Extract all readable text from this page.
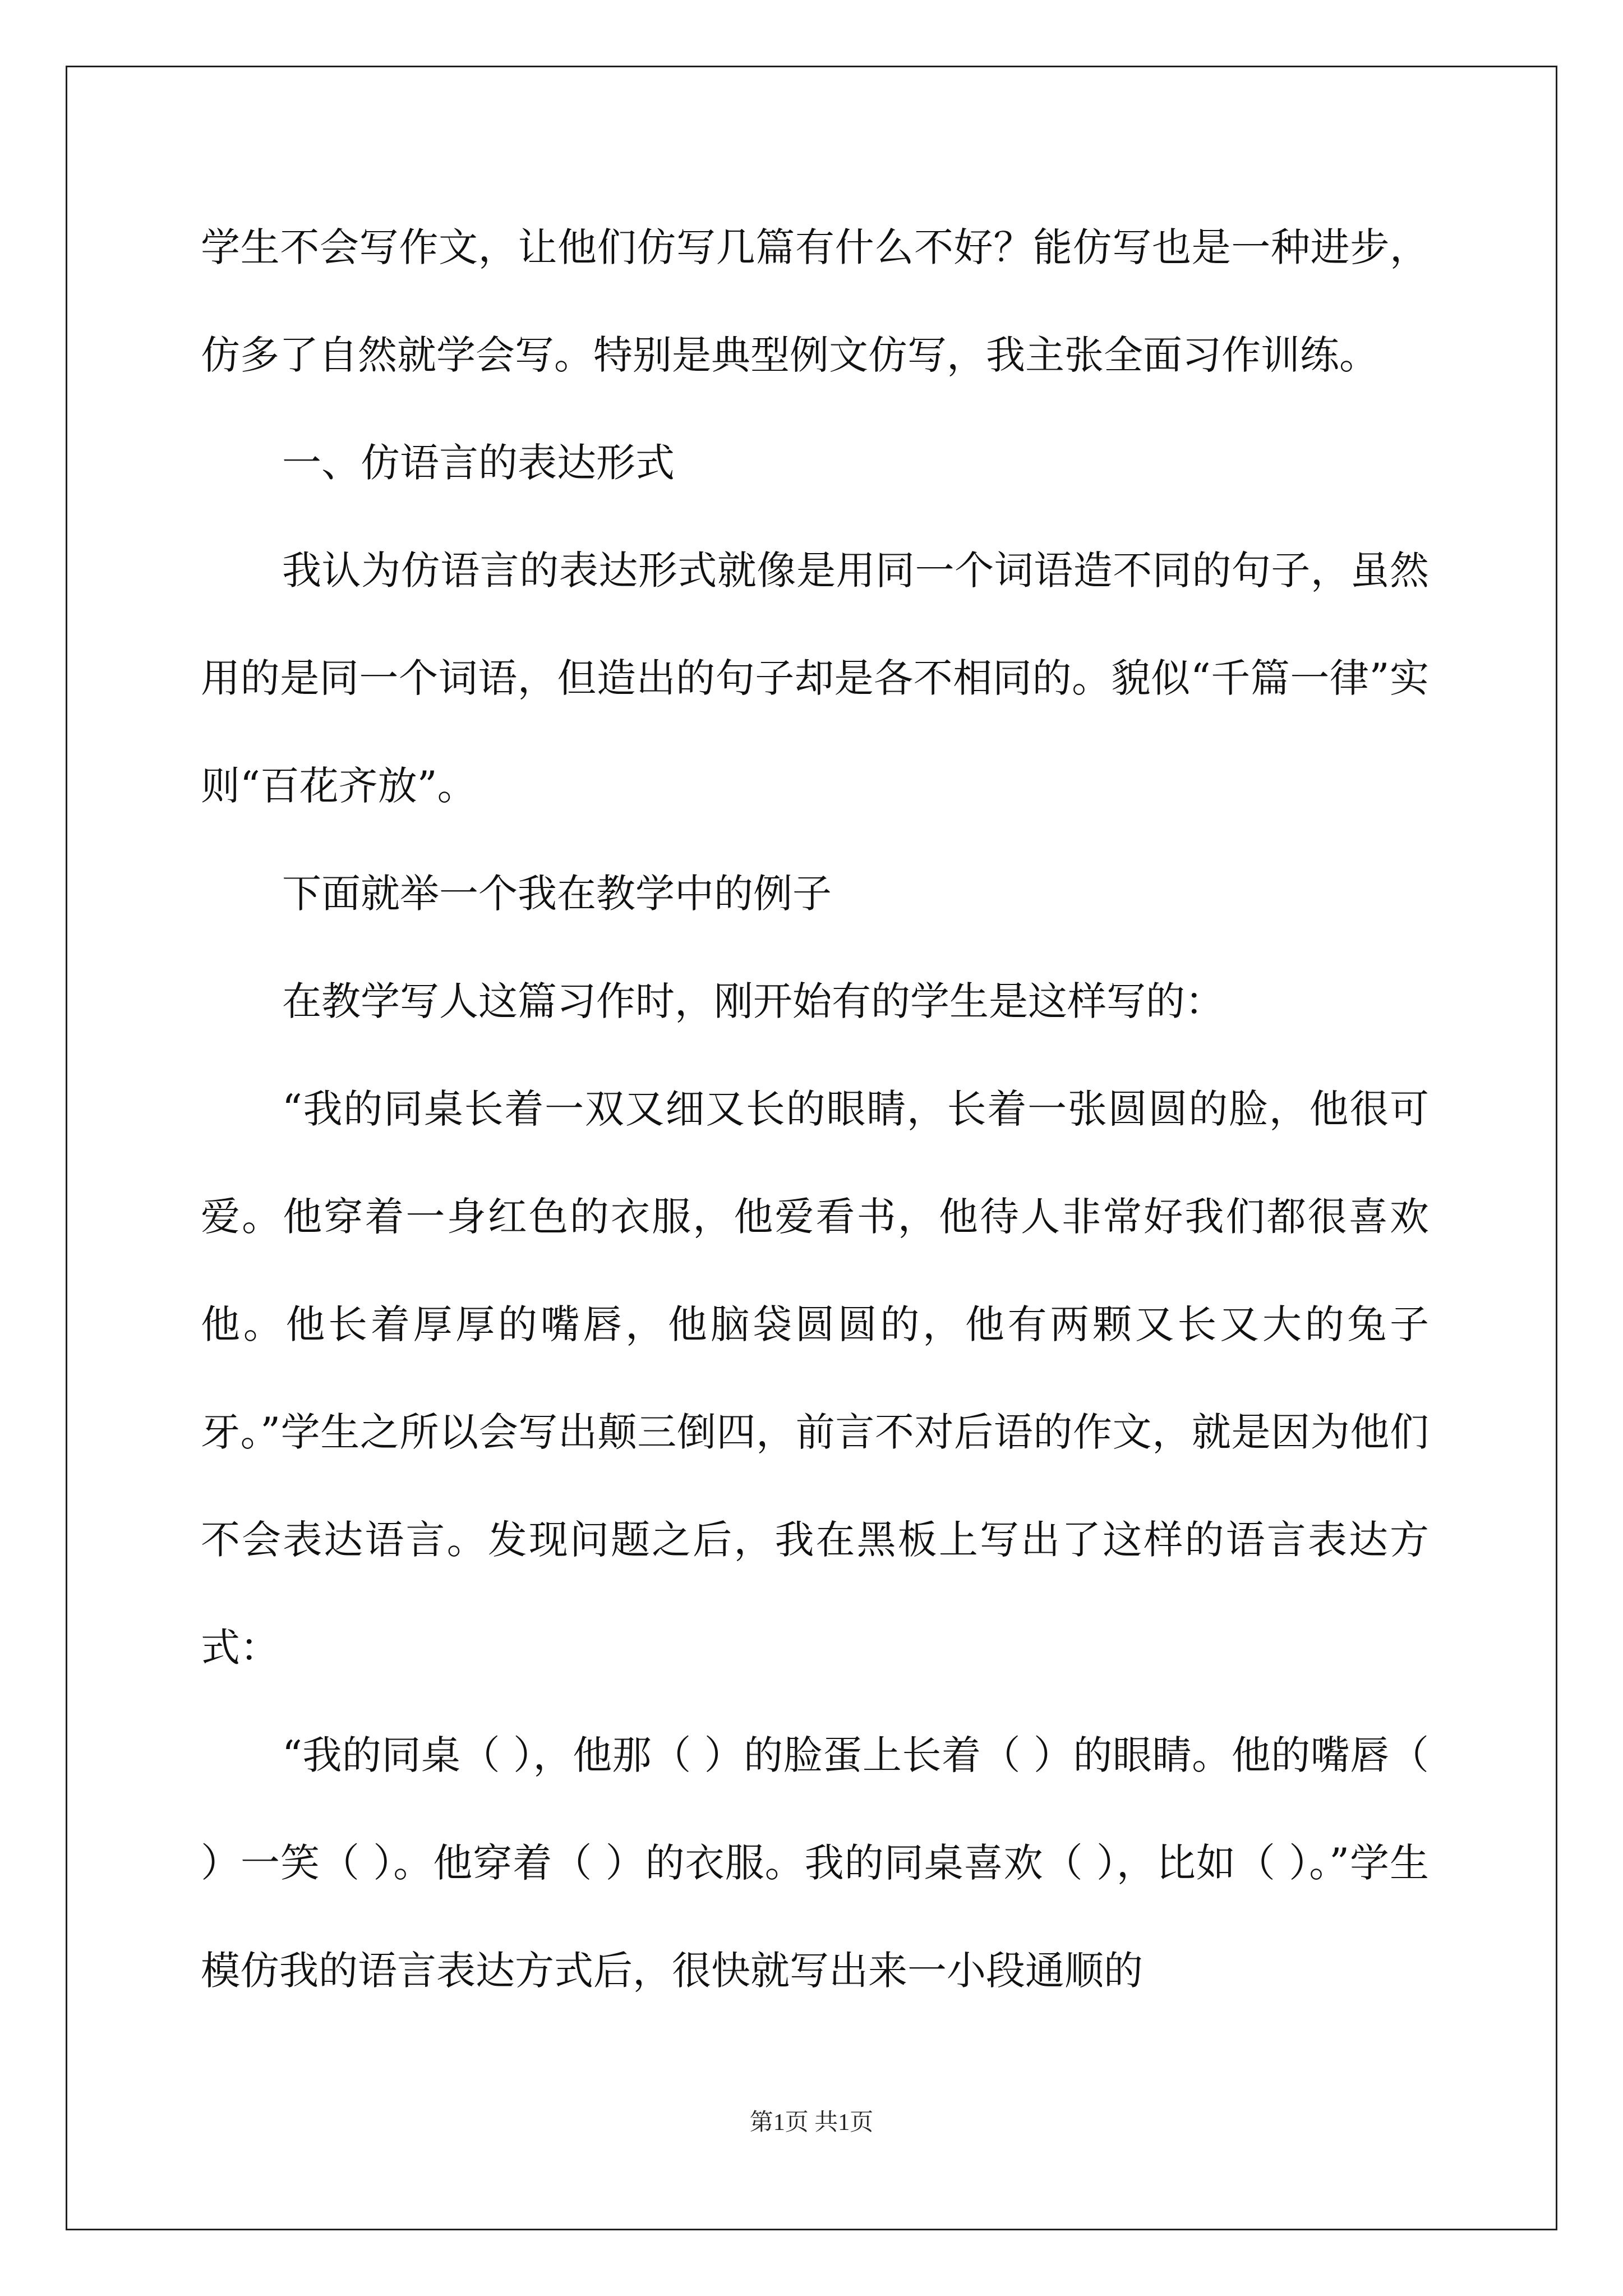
学生不会写作文，让他们仿写几篇有什么不好？能仿写也是一种进步，仿多了自然就学会写。特别是典型例文仿写，我主张全面习作训练。

一、仿语言的表达形式

我认为仿语言的表达形式就像是用同一个词语造不同的句子，虽然用的是同一个词语，但造出的句子却是各不相同的。貌似“千篇一律”实则“百花齐放”。

下面就举一个我在教学中的例子

在教学写人这篇习作时，刚开始有的学生是这样写的：

“我的同桌长着一双又细又长的眼睛，长着一张圆圆的脸，他很可爱。他穿着一身红色的衣服，他爱看书，他待人非常好我们都很喜欢他。他长着厚厚的嘴唇，他脑袋圆圆的，他有两颗又长又大的兔子牙。”学生之所以会写出颠三倒四，前言不对后语的作文，就是因为他们不会表达语言。发现问题之后，我在黑板上写出了这样的语言表达方式：

“我的同桌（ ），他那（ ）的脸蛋上长着（ ）的眼睛。他的嘴唇（ ）一笑（ ）。他穿着（ ）的衣服。我的同桌喜欢（ ），比如（ ）。”学生模仿我的语言表达方式后，很快就写出来一小段通顺的

第1页 共1页
